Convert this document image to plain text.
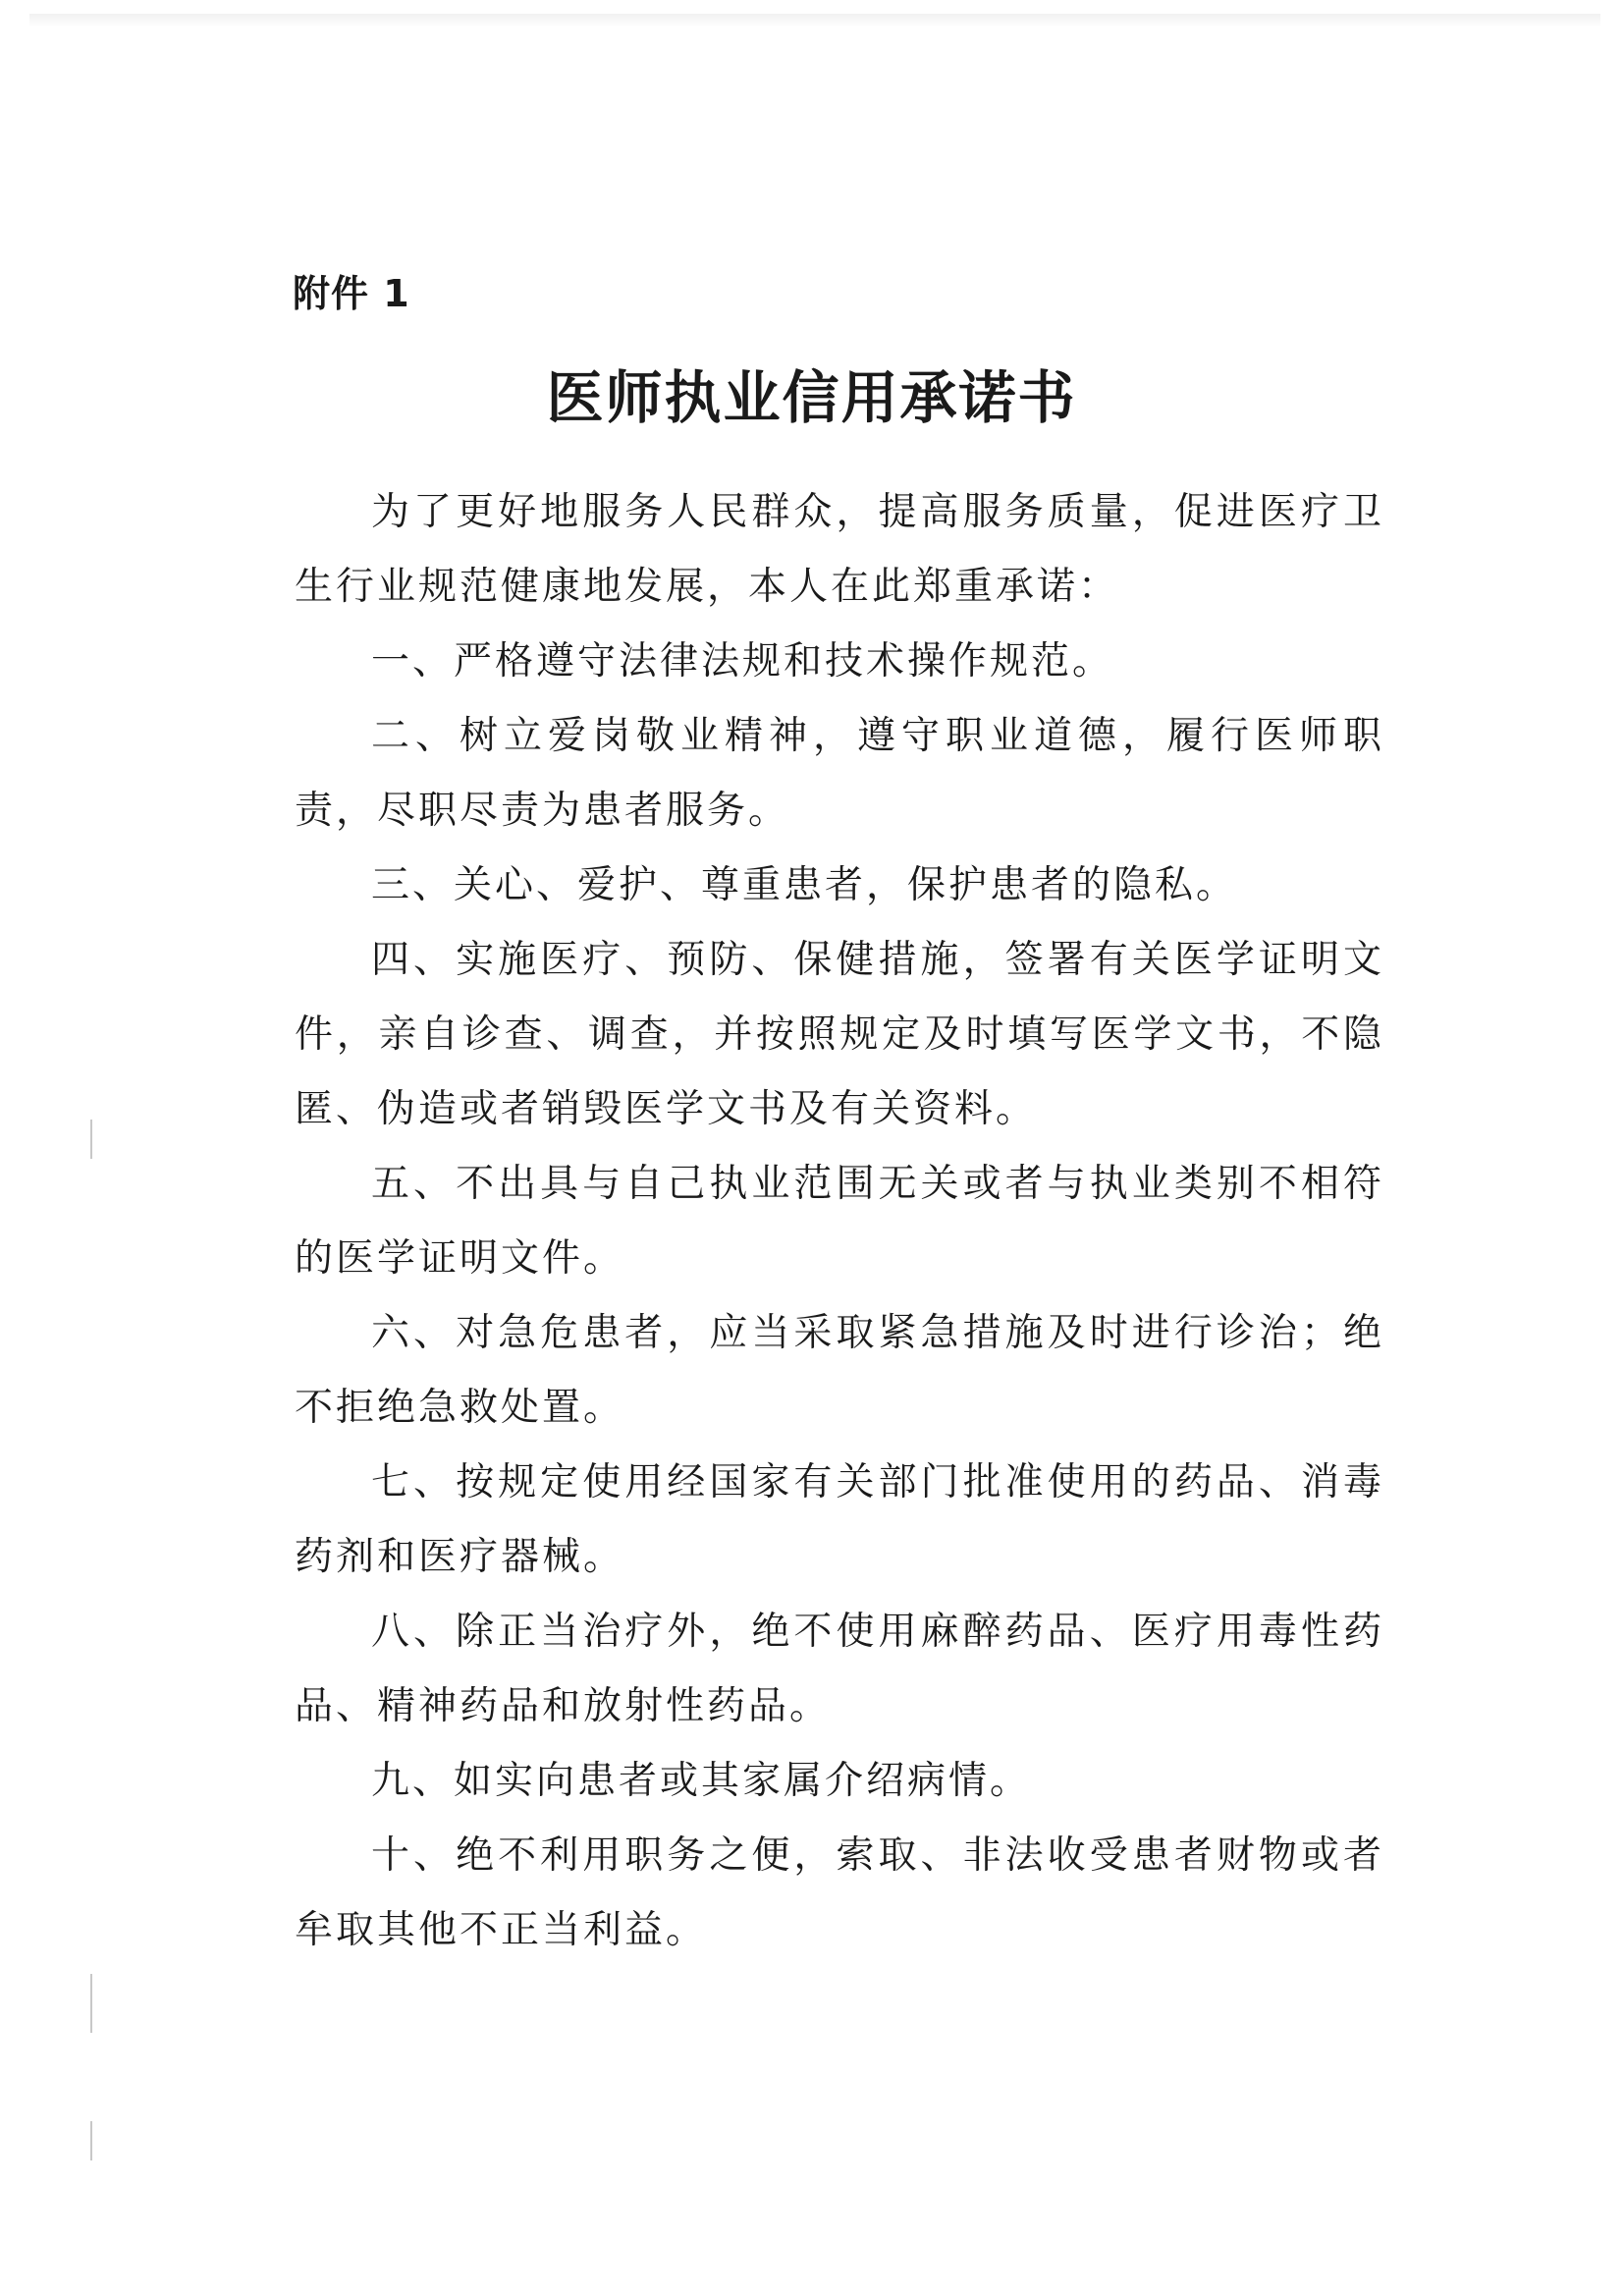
附件 1
医师执业信用承诺书

为了更好地服务人民群众，提高服务质量，促进医疗卫生行业规范健康地发展，本人在此郑重承诺：

一、严格遵守法律法规和技术操作规范。

二、树立爱岗敬业精神，遵守职业道德，履行医师职责，尽职尽责为患者服务。

三、关心、爱护、尊重患者，保护患者的隐私。

四、实施医疗、预防、保健措施，签署有关医学证明文件，亲自诊查、调查，并按照规定及时填写医学文书，不隐匿、伪造或者销毁医学文书及有关资料。

五、不出具与自己执业范围无关或者与执业类别不相符的医学证明文件。

六、对急危患者，应当采取紧急措施及时进行诊治；绝不拒绝急救处置。

七、按规定使用经国家有关部门批准使用的药品、消毒药剂和医疗器械。

八、除正当治疗外，绝不使用麻醉药品、医疗用毒性药品、精神药品和放射性药品。

九、如实向患者或其家属介绍病情。

十、绝不利用职务之便，索取、非法收受患者财物或者牟取其他不正当利益。
